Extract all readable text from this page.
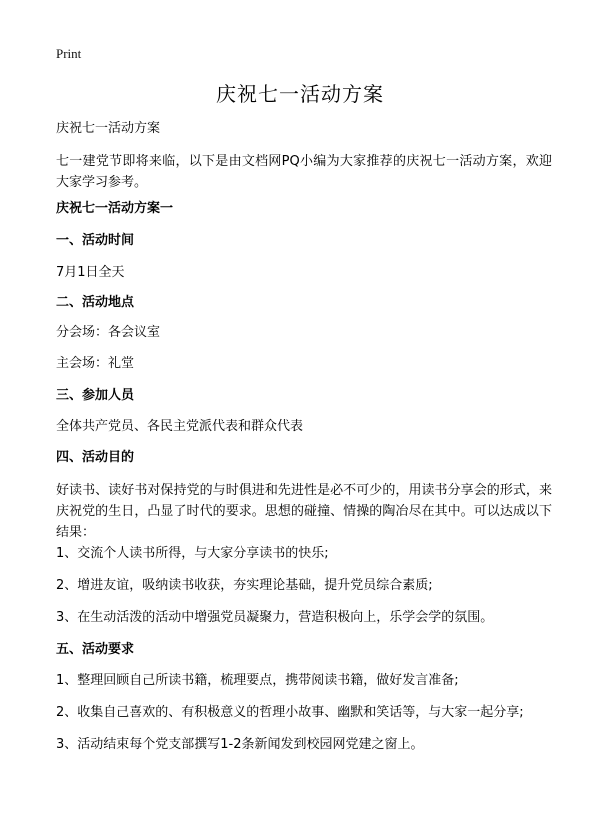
Print
庆祝七一活动方案

庆祝七一活动方案

七一建党节即将来临，以下是由文档网PQ小编为大家推荐的庆祝七一活动方案，欢迎大家学习参考。

庆祝七一活动方案一

一、活动时间

7月1日全天

二、活动地点

分会场：各会议室

主会场：礼堂

三、参加人员

全体共产党员、各民主党派代表和群众代表

四、活动目的

好读书、读好书对保持党的与时俱进和先进性是必不可少的，用读书分享会的形式，来庆祝党的生日，凸显了时代的要求。思想的碰撞、情操的陶冶尽在其中。可以达成以下结果：

1、交流个人读书所得，与大家分享读书的快乐;

2、增进友谊，吸纳读书收获，夯实理论基础，提升党员综合素质;

3、在生动活泼的活动中增强党员凝聚力，营造积极向上，乐学会学的氛围。

五、活动要求

1、整理回顾自己所读书籍，梳理要点，携带阅读书籍，做好发言准备;

2、收集自己喜欢的、有积极意义的哲理小故事、幽默和笑话等，与大家一起分享;

3、活动结束每个党支部撰写1-2条新闻发到校园网党建之窗上。
